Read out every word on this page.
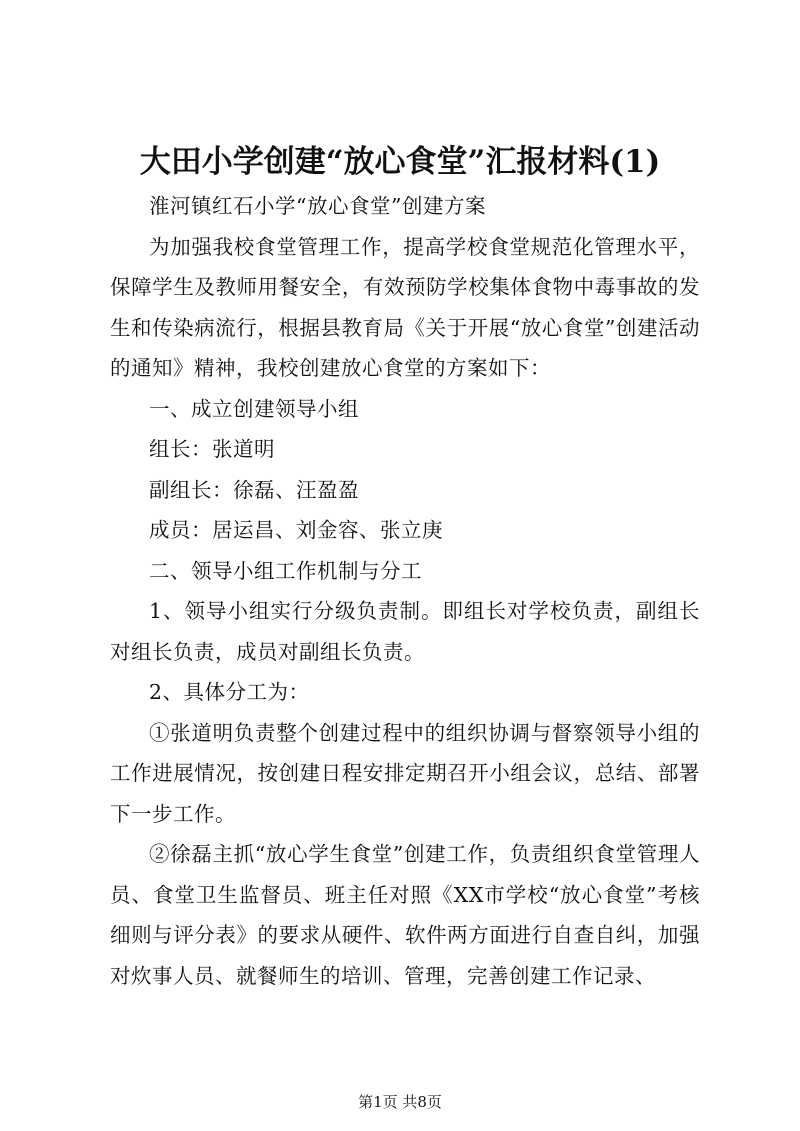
大田小学创建“放心食堂”汇报材料(1)

淮河镇红石小学“放心食堂”创建方案

为加强我校食堂管理工作，提高学校食堂规范化管理水平，保障学生及教师用餐安全，有效预防学校集体食物中毒事故的发生和传染病流行，根据县教育局《关于开展“放心食堂”创建活动的通知》精神，我校创建放心食堂的方案如下：

一、成立创建领导小组

组长：张道明

副组长：徐磊、汪盈盈

成员：居运昌、刘金容、张立庚

二、领导小组工作机制与分工

1、领导小组实行分级负责制。即组长对学校负责，副组长对组长负责，成员对副组长负责。

2、具体分工为：

①张道明负责整个创建过程中的组织协调与督察领导小组的工作进展情况，按创建日程安排定期召开小组会议，总结、部署下一步工作。

②徐磊主抓“放心学生食堂”创建工作，负责组织食堂管理人员、食堂卫生监督员、班主任对照《XX市学校“放心食堂”考核细则与评分表》的要求从硬件、软件两方面进行自查自纠，加强对炊事人员、就餐师生的培训、管理，完善创建工作记录、

第1页 共8页
